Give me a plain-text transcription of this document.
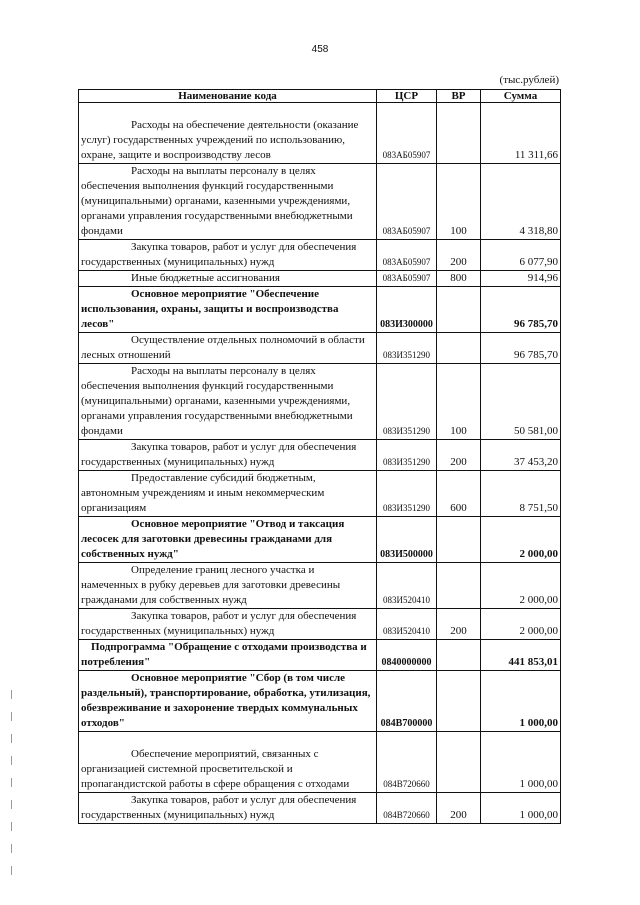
458
(тыс.рублей)
Наименование кода	ЦСР	ВР	Сумма

Расходы на обеспечение деятельности (оказание услуг) государственных учреждений по использованию, охране, защите и воспроизводству лесов	083АБ05907		11 311,66

Расходы на выплаты персоналу в целях обеспечения выполнения функций государственными (муниципальными) органами, казенными учреждениями, органами управления государственными внебюджетными фондами	083АБ05907	100	4 318,80

Закупка товаров, работ и услуг для обеспечения государственных (муниципальных) нужд	083АБ05907	200	6 077,90

Иные бюджетные ассигнования	083АБ05907	800	914,96

Основное мероприятие "Обеспечение использования, охраны, защиты и воспроизводства лесов"	083И300000		96 785,70

Осуществление отдельных полномочий в области лесных отношений	083И351290		96 785,70

Расходы на выплаты персоналу в целях обеспечения выполнения функций государственными (муниципальными) органами, казенными учреждениями, органами управления государственными внебюджетными фондами	083И351290	100	50 581,00

Закупка товаров, работ и услуг для обеспечения государственных (муниципальных) нужд	083И351290	200	37 453,20

Предоставление субсидий бюджетным, автономным учреждениям и иным некоммерческим организациям	083И351290	600	8 751,50

Основное мероприятие "Отвод и таксация лесосек для заготовки древесины гражданами для собственных нужд"	083И500000		2 000,00

Определение границ лесного участка и намеченных в рубку деревьев для заготовки древесины гражданами для собственных нужд	083И520410		2 000,00

Закупка товаров, работ и услуг для обеспечения государственных (муниципальных) нужд	083И520410	200	2 000,00

Подпрограмма "Обращение с отходами производства и потребления"	0840000000		441 853,01

Основное мероприятие "Сбор (в том числе раздельный), транспортирование, обработка, утилизация, обезвреживание и захоронение твердых коммунальных отходов"	084В700000		1 000,00

Обеспечение мероприятий, связанных с организацией системной просветительской и пропагандистской работы в сфере обращения с отходами	084В720660		1 000,00

Закупка товаров, работ и услуг для обеспечения государственных (муниципальных) нужд	084В720660	200	1 000,00
